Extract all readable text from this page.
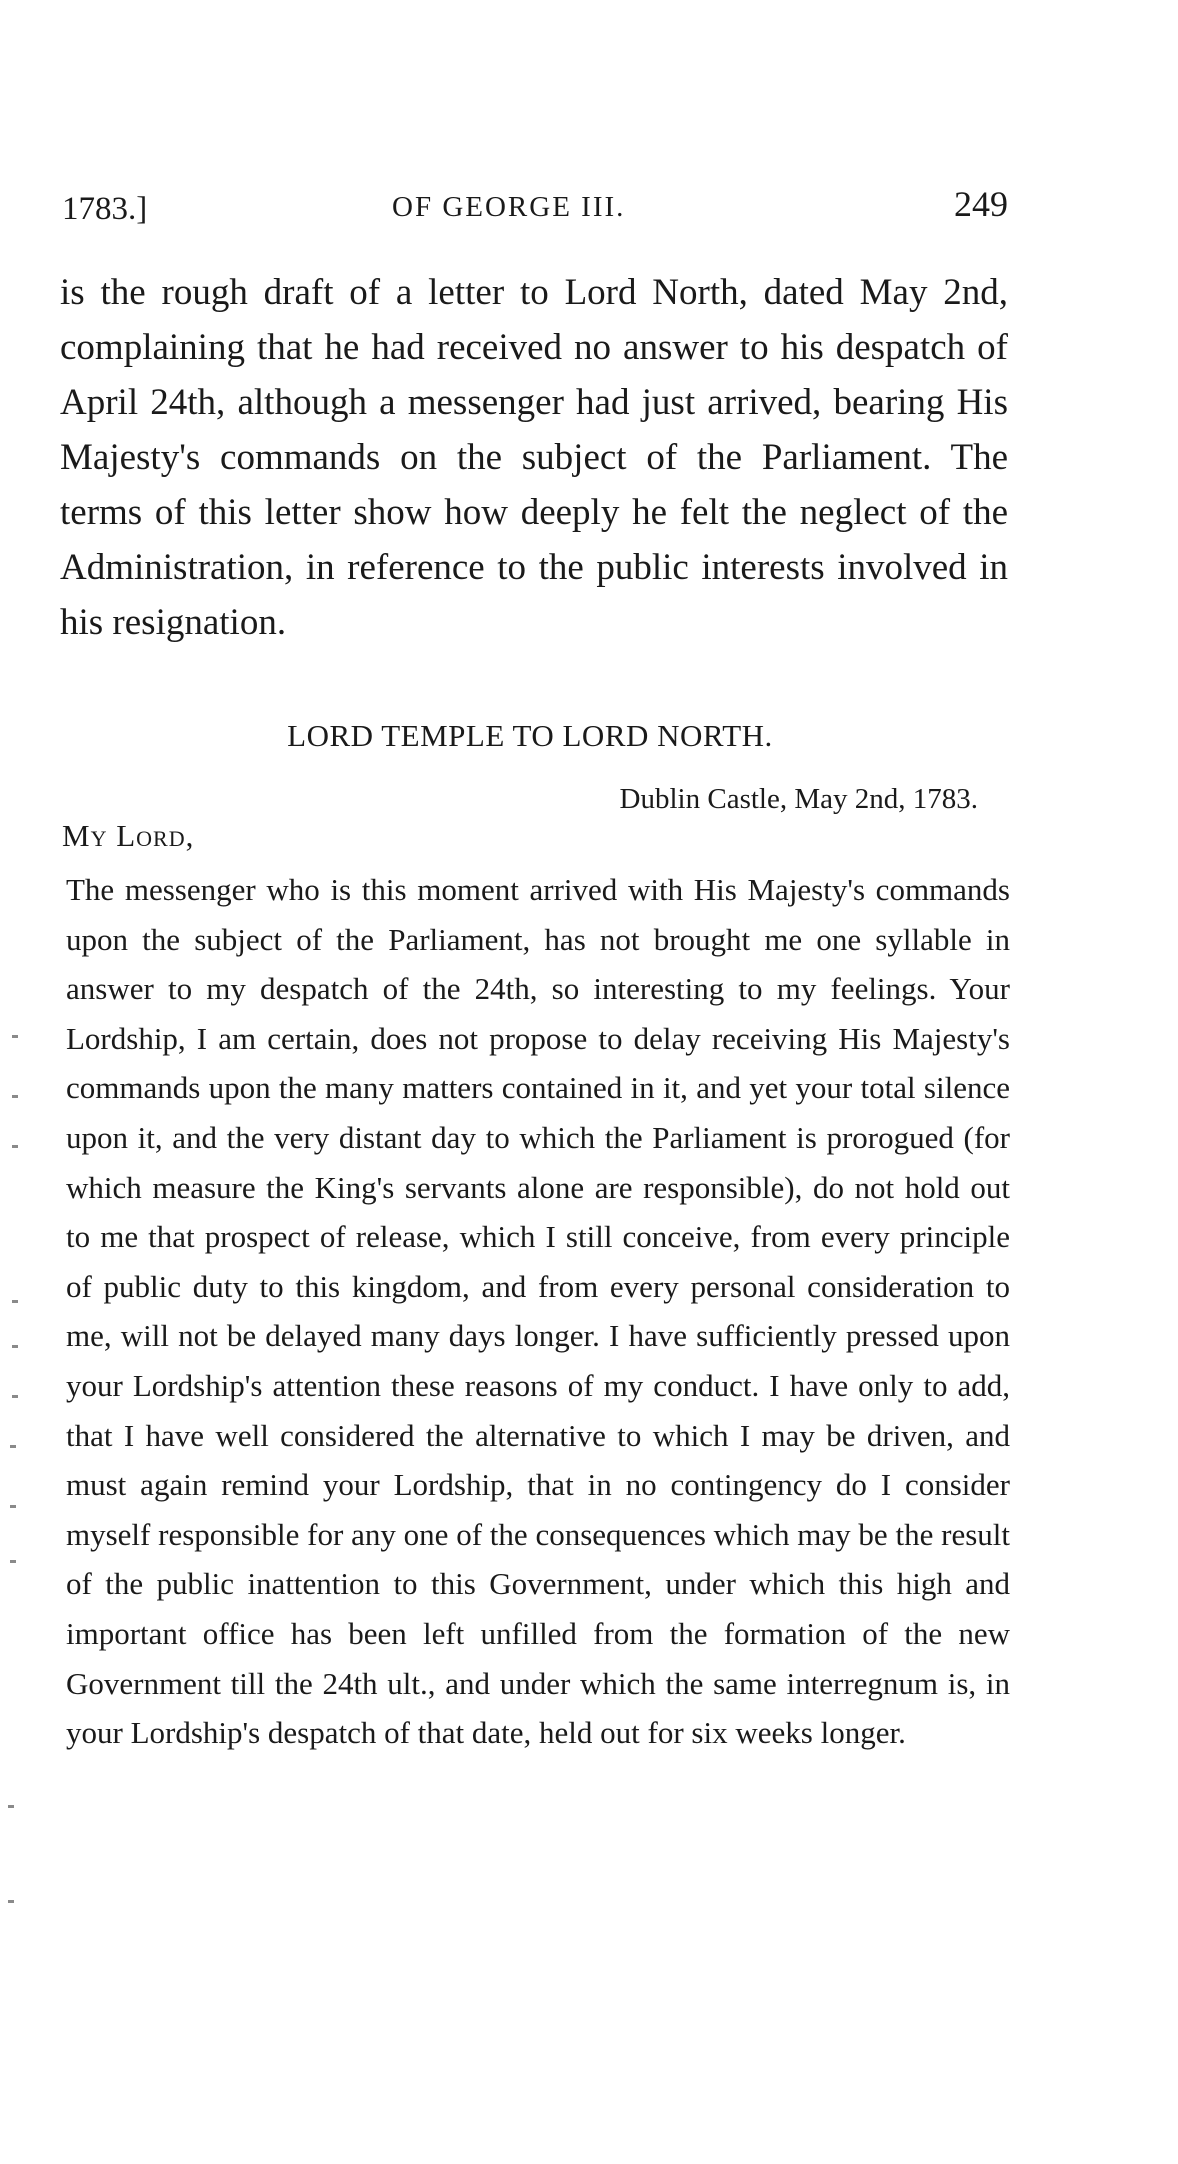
1783.]	OF GEORGE III.	249

is the rough draft of a letter to Lord North, dated May 2nd, complaining that he had received no answer to his despatch of April 24th, although a messenger had just arrived, bearing His Majesty's commands on the subject of the Parliament. The terms of this letter show how deeply he felt the neglect of the Administration, in reference to the public interests involved in his resignation.

LORD TEMPLE TO LORD NORTH.
Dublin Castle, May 2nd, 1783.
My Lord,

The messenger who is this moment arrived with His Majesty's commands upon the subject of the Parliament, has not brought me one syllable in answer to my despatch of the 24th, so interesting to my feelings. Your Lordship, I am certain, does not propose to delay receiving His Majesty's commands upon the many matters contained in it, and yet your total silence upon it, and the very distant day to which the Parliament is prorogued (for which measure the King's servants alone are responsible), do not hold out to me that prospect of release, which I still conceive, from every principle of public duty to this kingdom, and from every personal consideration to me, will not be delayed many days longer. I have sufficiently pressed upon your Lordship's attention these reasons of my conduct. I have only to add, that I have well considered the alternative to which I may be driven, and must again remind your Lordship, that in no contingency do I consider myself responsible for any one of the consequences which may be the result of the public inattention to this Government, under which this high and important office has been left unfilled from the formation of the new Government till the 24th ult., and under which the same interregnum is, in your Lordship's despatch of that date, held out for six weeks longer.
